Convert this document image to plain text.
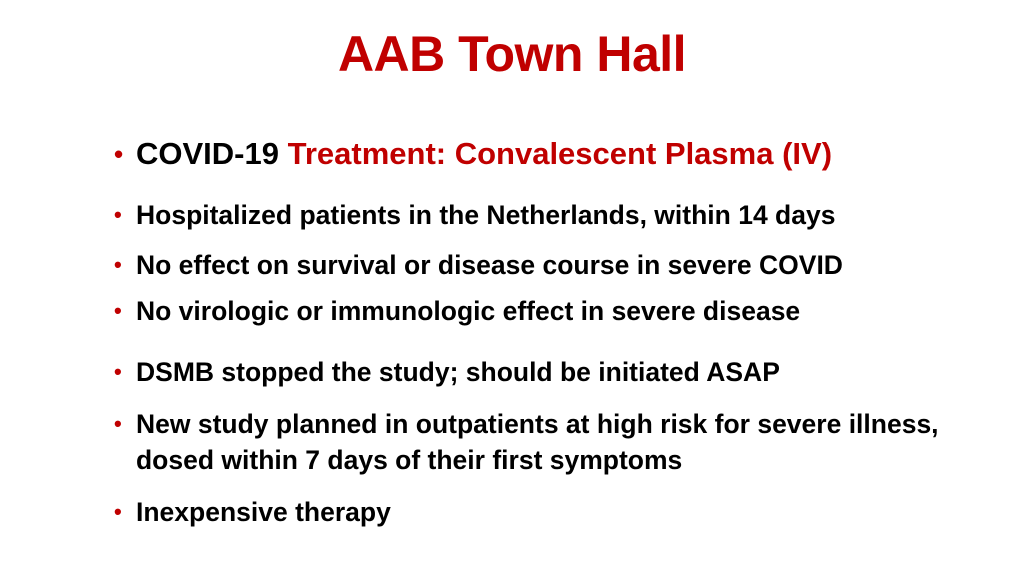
AAB Town Hall
• COVID-19 Treatment: Convalescent Plasma (IV)
• Hospitalized patients in the Netherlands, within 14 days
• No effect on survival or disease course in severe COVID
• No virologic or immunologic effect in severe disease
• DSMB stopped the study; should be initiated ASAP
• New study planned in outpatients at high risk for severe illness, dosed within 7 days of their first symptoms
• Inexpensive therapy
